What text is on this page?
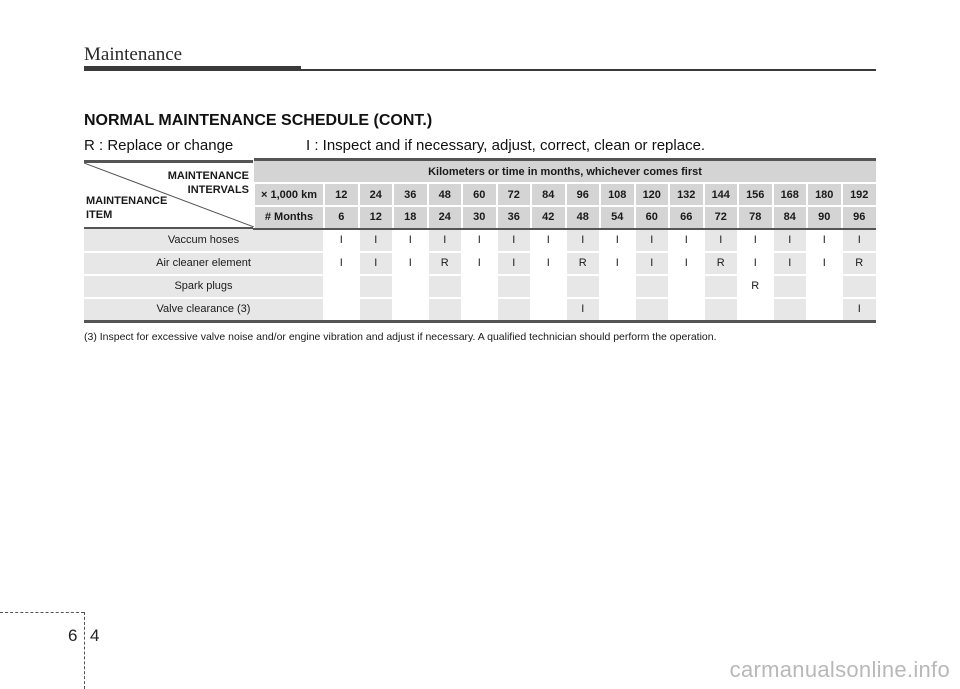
Maintenance
NORMAL MAINTENANCE SCHEDULE (CONT.)
R : Replace or change	I : Inspect and if necessary, adjust, correct, clean or replace.
MAINTENANCE
INTERVALS
MAINTENANCE
ITEM	Kilometers or time in months, whichever comes first																
	× 1,000 km	12	24	36	48	60	72	84	96	108	120	132	144	156	168	180	192
	# Months	6	12	18	24	30	36	42	48	54	60	66	72	78	84	90	96
Vaccum hoses		I	I	I	I	I	I	I	I	I	I	I	I	I	I	I	I
Air cleaner element		I	I	I	R	I	I	I	R	I	I	I	R	I	I	I	R
Spark plugs														R			
Valve clearance (3)									I								I
(3) Inspect for excessive valve noise and/or engine vibration and adjust if necessary. A qualified technician should perform the operation.
6 4
carmanualsonline.info
